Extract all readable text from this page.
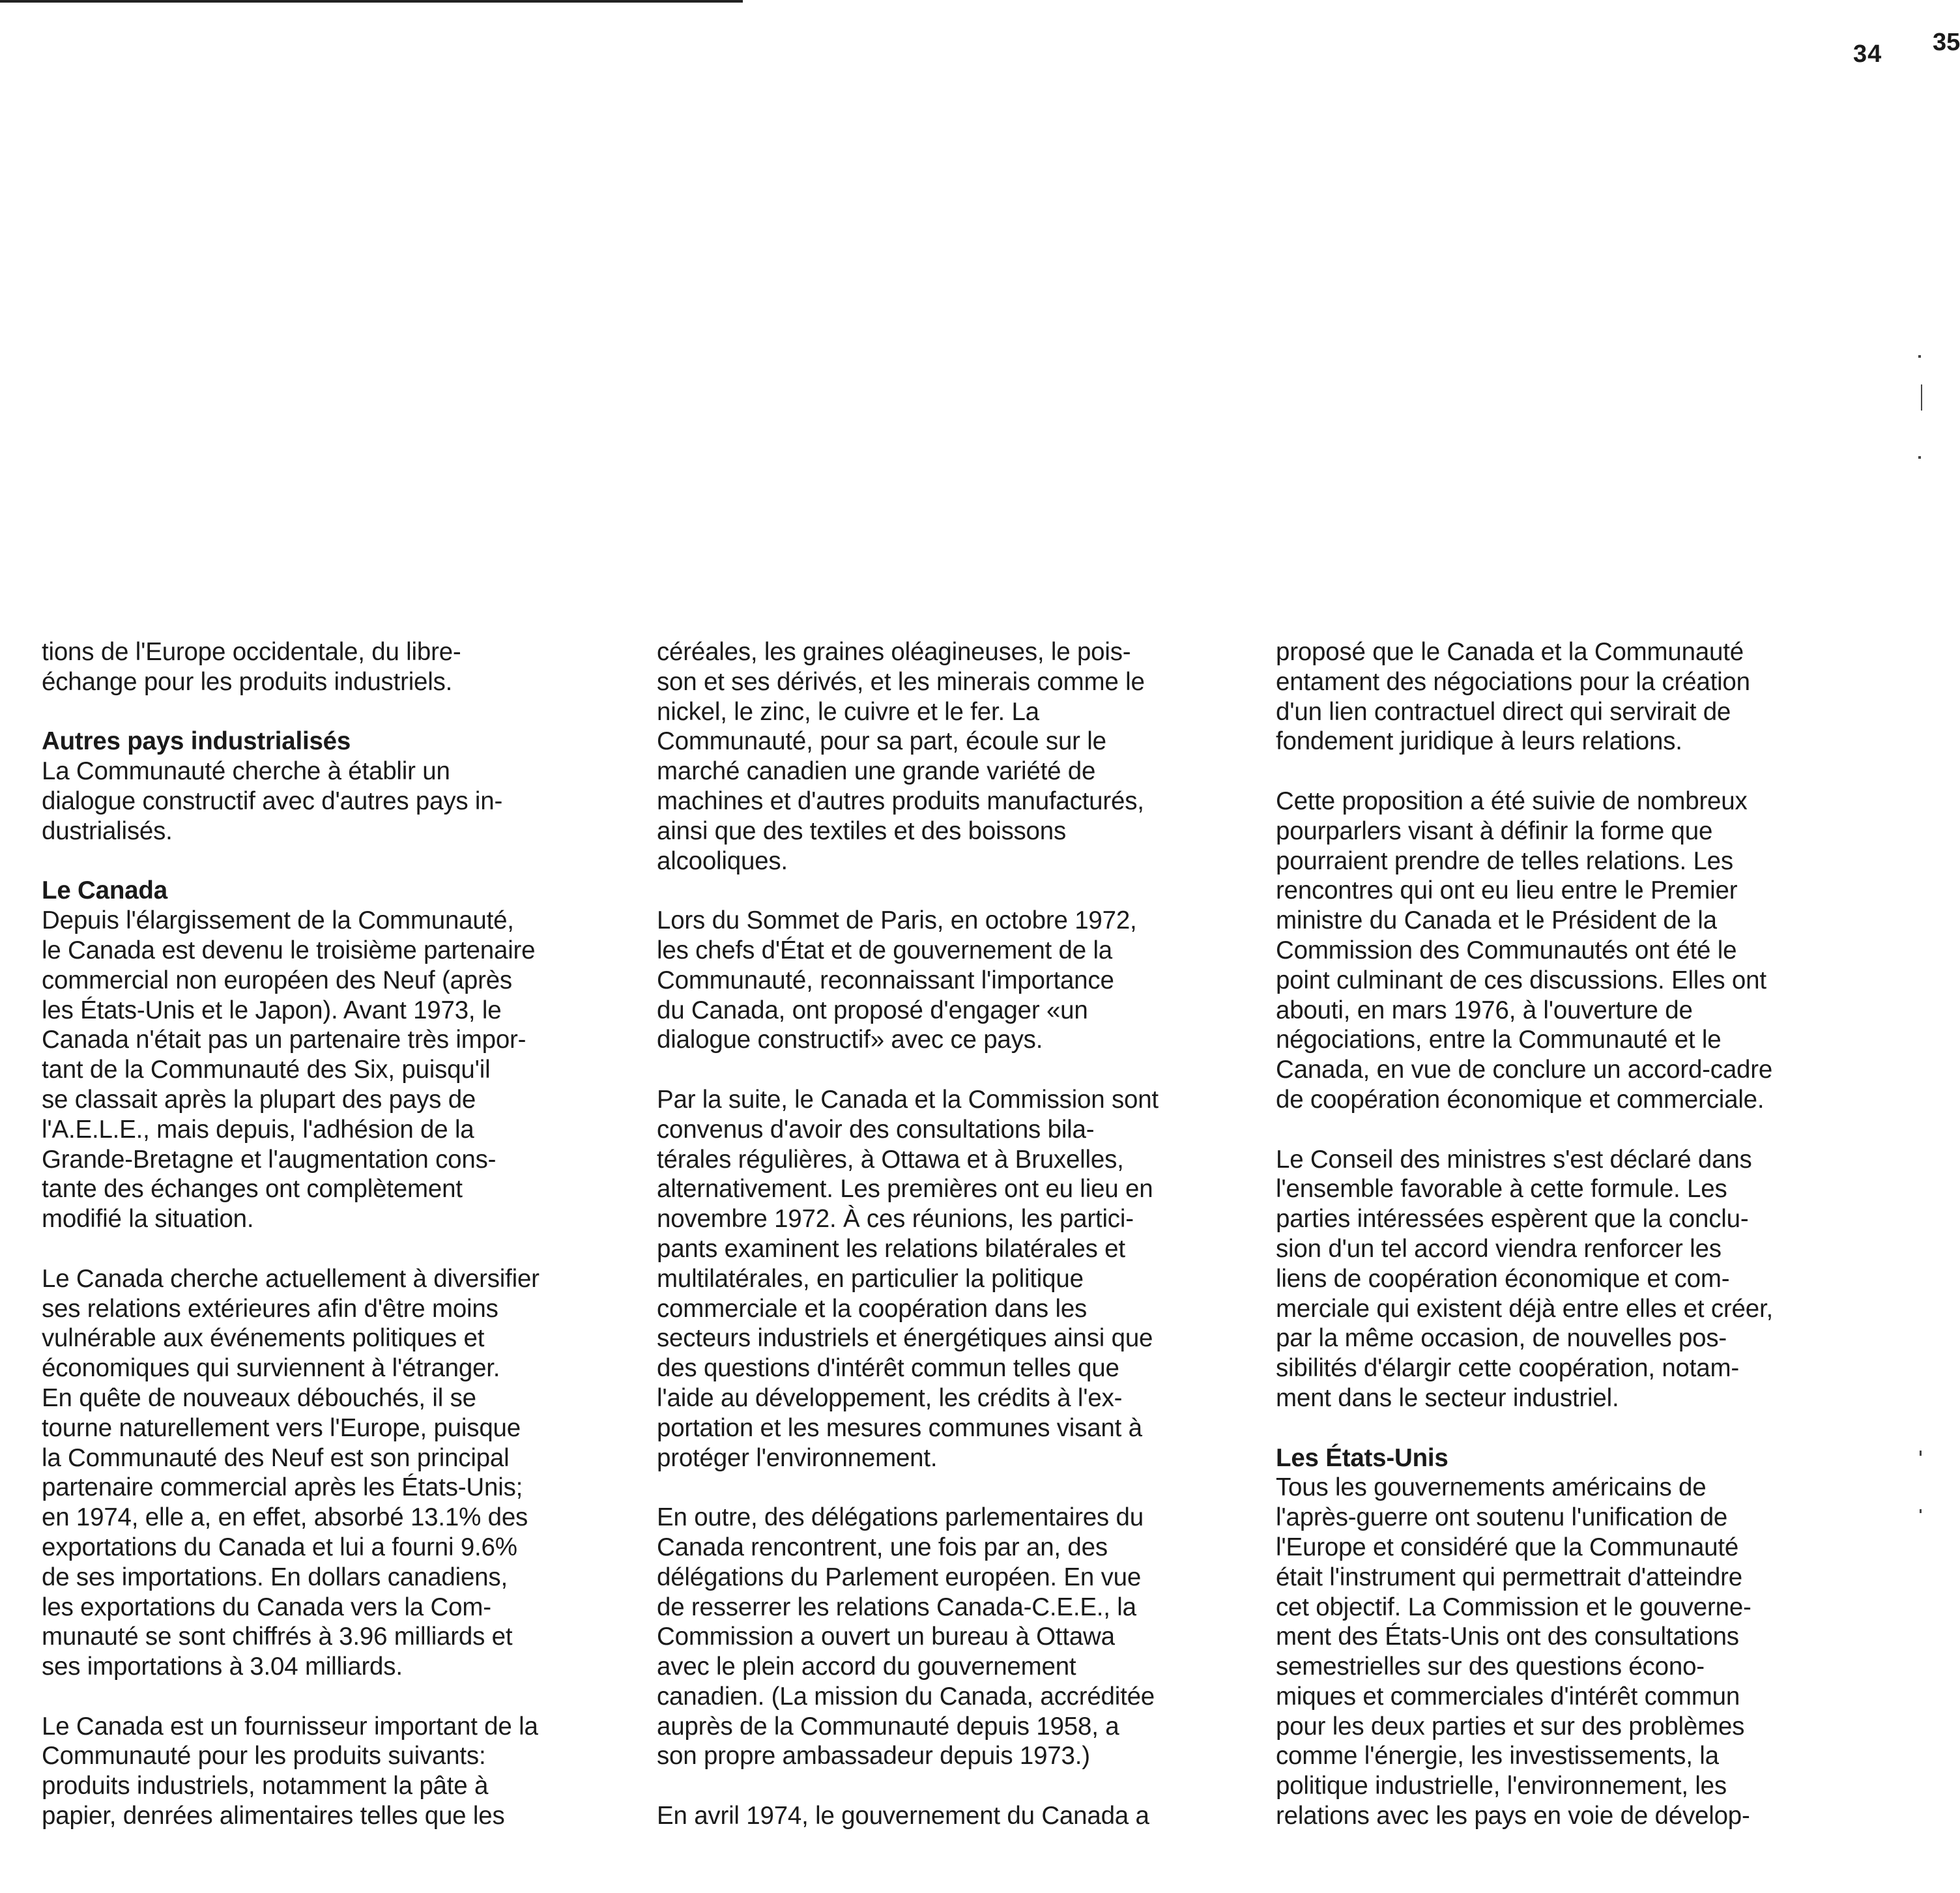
34 35

tions de l'Europe occidentale, du libre-
échange pour les produits industriels.

Autres pays industrialisés
La Communauté cherche à établir un
dialogue constructif avec d'autres pays in-
dustrialisés.

Le Canada
Depuis l'élargissement de la Communauté,
le Canada est devenu le troisième partenaire
commercial non européen des Neuf (après
les États-Unis et le Japon). Avant 1973, le
Canada n'était pas un partenaire très impor-
tant de la Communauté des Six, puisqu'il
se classait après la plupart des pays de
l'A.E.L.E., mais depuis, l'adhésion de la
Grande-Bretagne et l'augmentation cons-
tante des échanges ont complètement
modifié la situation.

Le Canada cherche actuellement à diversifier
ses relations extérieures afin d'être moins
vulnérable aux événements politiques et
économiques qui surviennent à l'étranger.
En quête de nouveaux débouchés, il se
tourne naturellement vers l'Europe, puisque
la Communauté des Neuf est son principal
partenaire commercial après les États-Unis;
en 1974, elle a, en effet, absorbé 13.1% des
exportations du Canada et lui a fourni 9.6%
de ses importations. En dollars canadiens,
les exportations du Canada vers la Com-
munauté se sont chiffrés à 3.96 milliards et
ses importations à 3.04 milliards.

Le Canada est un fournisseur important de la
Communauté pour les produits suivants:
produits industriels, notamment la pâte à
papier, denrées alimentaires telles que les

céréales, les graines oléagineuses, le pois-
son et ses dérivés, et les minerais comme le
nickel, le zinc, le cuivre et le fer. La
Communauté, pour sa part, écoule sur le
marché canadien une grande variété de
machines et d'autres produits manufacturés,
ainsi que des textiles et des boissons
alcooliques.

Lors du Sommet de Paris, en octobre 1972,
les chefs d'État et de gouvernement de la
Communauté, reconnaissant l'importance
du Canada, ont proposé d'engager «un
dialogue constructif» avec ce pays.

Par la suite, le Canada et la Commission sont
convenus d'avoir des consultations bila-
térales régulières, à Ottawa et à Bruxelles,
alternativement. Les premières ont eu lieu en
novembre 1972. À ces réunions, les partici-
pants examinent les relations bilatérales et
multilatérales, en particulier la politique
commerciale et la coopération dans les
secteurs industriels et énergétiques ainsi que
des questions d'intérêt commun telles que
l'aide au développement, les crédits à l'ex-
portation et les mesures communes visant à
protéger l'environnement.

En outre, des délégations parlementaires du
Canada rencontrent, une fois par an, des
délégations du Parlement européen. En vue
de resserrer les relations Canada-C.E.E., la
Commission a ouvert un bureau à Ottawa
avec le plein accord du gouvernement
canadien. (La mission du Canada, accréditée
auprès de la Communauté depuis 1958, a
son propre ambassadeur depuis 1973.)

En avril 1974, le gouvernement du Canada a

proposé que le Canada et la Communauté
entament des négociations pour la création
d'un lien contractuel direct qui servirait de
fondement juridique à leurs relations.

Cette proposition a été suivie de nombreux
pourparlers visant à définir la forme que
pourraient prendre de telles relations. Les
rencontres qui ont eu lieu entre le Premier
ministre du Canada et le Président de la
Commission des Communautés ont été le
point culminant de ces discussions. Elles ont
abouti, en mars 1976, à l'ouverture de
négociations, entre la Communauté et le
Canada, en vue de conclure un accord-cadre
de coopération économique et commerciale.

Le Conseil des ministres s'est déclaré dans
l'ensemble favorable à cette formule. Les
parties intéressées espèrent que la conclu-
sion d'un tel accord viendra renforcer les
liens de coopération économique et com-
merciale qui existent déjà entre elles et créer,
par la même occasion, de nouvelles pos-
sibilités d'élargir cette coopération, notam-
ment dans le secteur industriel.

Les États-Unis
Tous les gouvernements américains de
l'après-guerre ont soutenu l'unification de
l'Europe et considéré que la Communauté
était l'instrument qui permettrait d'atteindre
cet objectif. La Commission et le gouverne-
ment des États-Unis ont des consultations
semestrielles sur des questions écono-
miques et commerciales d'intérêt commun
pour les deux parties et sur des problèmes
comme l'énergie, les investissements, la
politique industrielle, l'environnement, les
relations avec les pays en voie de dévelop-
